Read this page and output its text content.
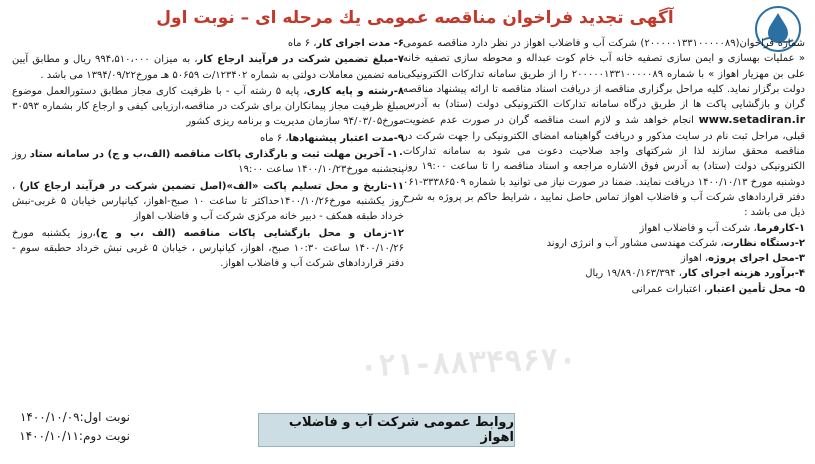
آگهی تجدید فراخوان مناقصه عمومی یك مرحله ای – نوبت اول

شماره فراخوان(۲۰۰۰۰۰۱۳۳۱۰۰۰۰۰۸۹) شرکت آب و فاضلاب اهواز در نظر دارد مناقصه عمومی « عملیات بهسازی و ایمن سازی تصفیه خانه آب خام کوت عبداله و محوطه سازی تصفیه خانه علی بن مهزیار اهواز » با شماره ۲۰۰۰۰۰۱۳۳۱۰۰۰۰۰۸۹ را از طریق سامانه تدارکات الکترونیکی دولت برگزار نماید. کلیه مراحل برگزاری مناقصه از دریافت اسناد مناقصه تا ارائه پیشنهاد مناقصه گران و بازگشایی پاکت ها از طریق درگاه سامانه تدارکات الکترونیکی دولت (ستاد) به آدرس www.setadiran.ir انجام خواهد شد و لازم است مناقصه گران در صورت عدم عضویت قبلی، مراحل ثبت نام در سایت مذکور و دریافت گواهینامه امضای الکترونیکی را جهت شرکت در مناقصه محقق سازند لذا از شرکتهای واجد صلاحیت دعوت می شود به سامانه تدارکات الکترونیکی دولت (ستاد) به آدرس فوق الاشاره مراجعه و اسناد مناقصه را تا ساعت ۱۹:۰۰ روز دوشنبه مورخ ۱۴۰۰/۱۰/۱۳ دریافت نمایند. ضمنا در صورت نیاز می توانید با شماره ۳۳۳۸۶۵۰۹-۰۶۱ دفتر قراردادهای شرکت آب و فاضلاب اهواز تماس حاصل نمایید ، شرایط حاکم بر پروژه به شرح ذیل می باشد :

۱-کارفرما، شرکت آب و فاضلاب اهواز

۲-دستگاه نظارت، شرکت مهندسی مشاور آب و انرژی اروند

۳-محل اجرای پروژه، اهواز

۴-برآورد هزینه اجرای کار، ۱۹/۸۹۰/۱۶۳/۳۹۴ ریال

۵- محل تأمین اعتبار، اعتبارات عمرانی

۶- مدت اجرای کار، ۶ ماه

۷-مبلغ تضمین شرکت در فرآیند ارجاع کار، به میزان ۹۹۴،۵۱۰،۰۰۰ ریال و مطابق آیین نامه تضمین معاملات دولتی به شماره ۱۲۳۴۰۲/ت ۵۰۶۵۹ هـ مورخ۱۳۹۴/۰۹/۲۲ می باشد .

۸-رشته و پایه کاری، پایه ۵ رشته آب - با ظرفیت کاری مجاز مطابق دستورالعمل موضوع مبلغ ظرفیت مجاز پیمانکاران برای شرکت در مناقصه،ارزیابی کیفی و ارجاع کار بشماره ۳۰۵۹۳ مورخ۹۴/۰۳/۰۵ سازمان مدیریت و برنامه ریزی کشور

۹-مدت اعتبار پیشنهادها، ۶ ماه

۱۰- آخرین مهلت ثبت و بارگذاری پاکات مناقصه (الف،ب و ج) در سامانه ستاد روز پنجشنبه مورخ۱۴۰۰/۱۰/۲۳ ساعت ۱۹:۰۰

۱۱-تاریخ و محل تسلیم پاکت «الف»(اصل تضمین شرکت در فرآیند ارجاع کار) ، روز یکشنبه مورخ۱۴۰۰/۱۰/۲۶حداکثر تا ساعت ۱۰ صبح-اهواز، کیانپارس خیابان ۵ غربی-نبش خرداد طبقه همکف - دبیر خانه مرکزی شرکت آب و فاضلاب اهواز

۱۲-زمان و محل بازگشایی پاکات مناقصه (الف ،ب و ج)،روز یکشنبه مورخ ۱۴۰۰/۱۰/۲۶ ساعت ۱۰:۳۰ صبح، اهواز، کیانپارس ، خیابان ۵ غربی نبش خرداد حطبقه سوم - دفتر قراردادهای شرکت آب و فاضلاب اهواز.

۰۲۱-۸۸۳۴۹۶۷۰
نوبت اول:۱۴۰۰/۱۰/۰۹
نوبت دوم:۱۴۰۰/۱۰/۱۱
روابط عمومی شرکت آب و فاضلاب اهواز
